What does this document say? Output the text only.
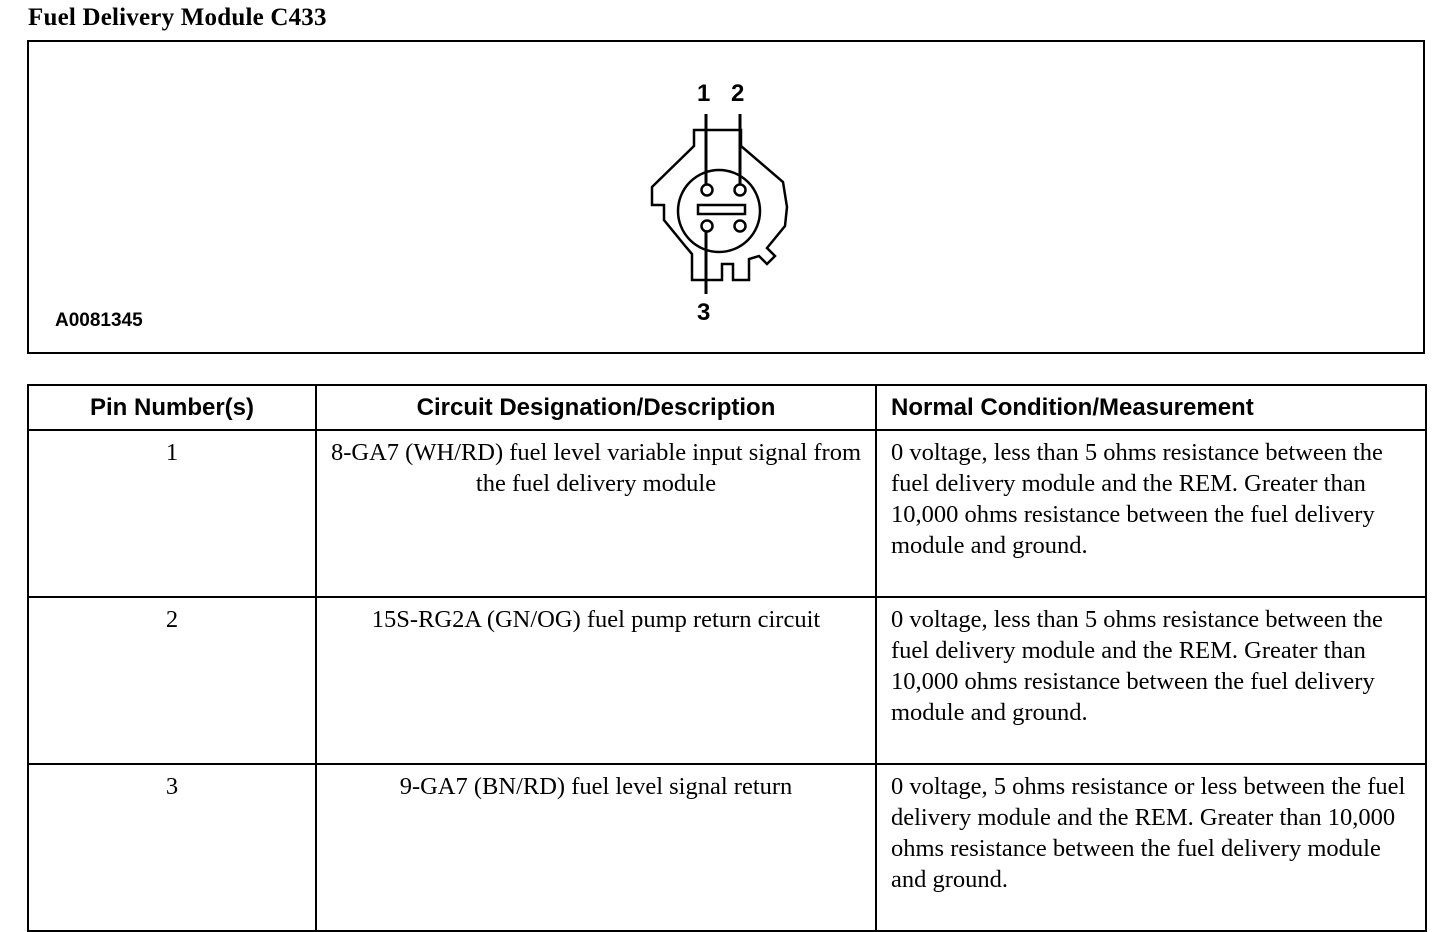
Fuel Delivery Module C433
1 2
3
A0081345
Pin Number(s)	Circuit Designation/Description	Normal Condition/Measurement
1	8-GA7 (WH/RD) fuel level variable input signal from the fuel delivery module	0 voltage, less than 5 ohms resistance between the fuel delivery module and the REM. Greater than 10,000 ohms resistance between the fuel delivery module and ground.
2	15S-RG2A (GN/OG) fuel pump return circuit	0 voltage, less than 5 ohms resistance between the fuel delivery module and the REM. Greater than 10,000 ohms resistance between the fuel delivery module and ground.
3	9-GA7 (BN/RD) fuel level signal return	0 voltage, 5 ohms resistance or less between the fuel delivery module and the REM. Greater than 10,000 ohms resistance between the fuel delivery module and ground.
